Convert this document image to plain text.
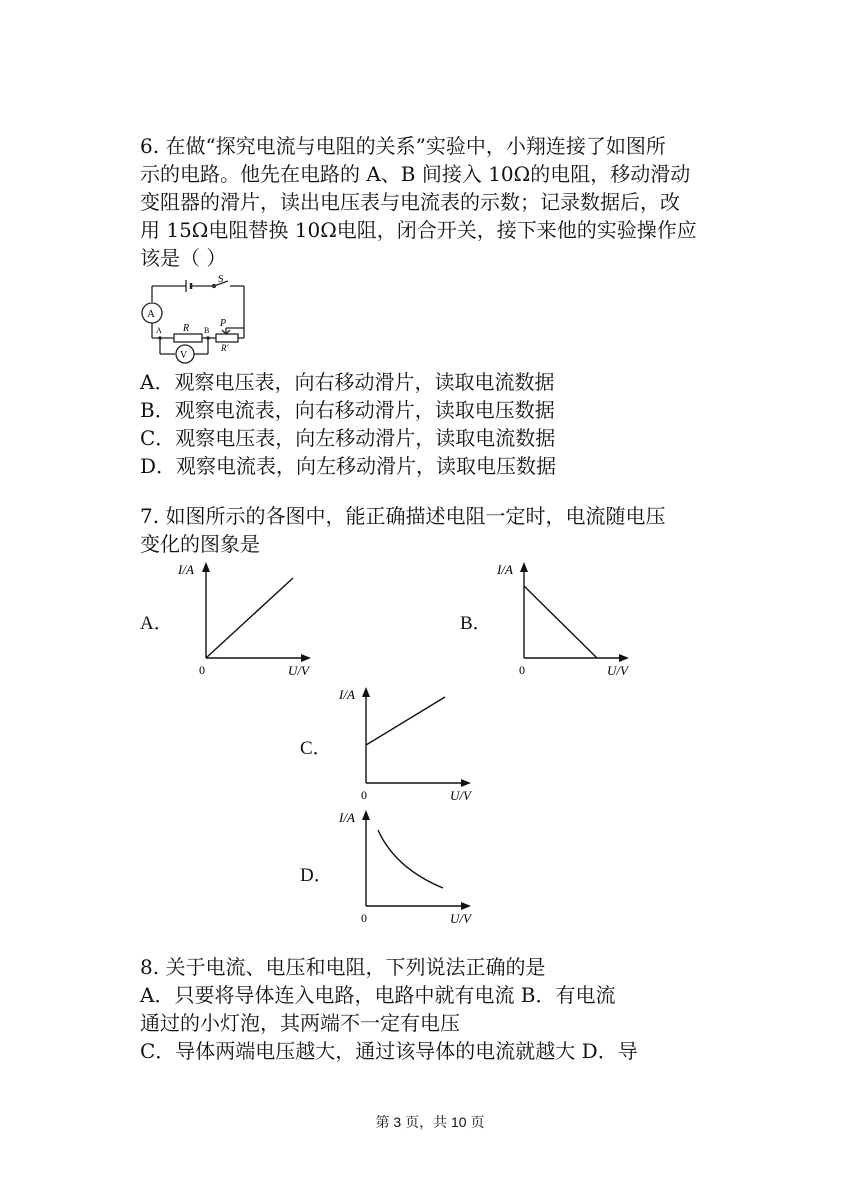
6. 在做“探究电流与电阻的关系”实验中，小翔连接了如图所
示的电路。他先在电路的 A、B 间接入 10Ω的电阻，移动滑动
变阻器的滑片，读出电压表与电流表的示数；记录数据后，改
用 15Ω电阻替换 10Ω电阻，闭合开关，接下来他的实验操作应
该是（ ）
S
A
V
R
A	B
P
R′
A．观察电压表，向右移动滑片，读取电流数据
B．观察电流表，向右移动滑片，读取电压数据
C．观察电压表，向左移动滑片，读取电流数据
D．观察电流表，向左移动滑片，读取电压数据
7. 如图所示的各图中，能正确描述电阻一定时，电流随电压
变化的图象是
A．	B．
C．
D．
I/A
0	U/V
I/A
0	U/V
I/A
0	U/V
I/A
0	U/V
8. 关于电流、电压和电阻，下列说法正确的是
A．只要将导体连入电路，电路中就有电流 B．有电流
通过的小灯泡，其两端不一定有电压
C．导体两端电压越大，通过该导体的电流就越大 D．导
第 3 页，共 10 页
